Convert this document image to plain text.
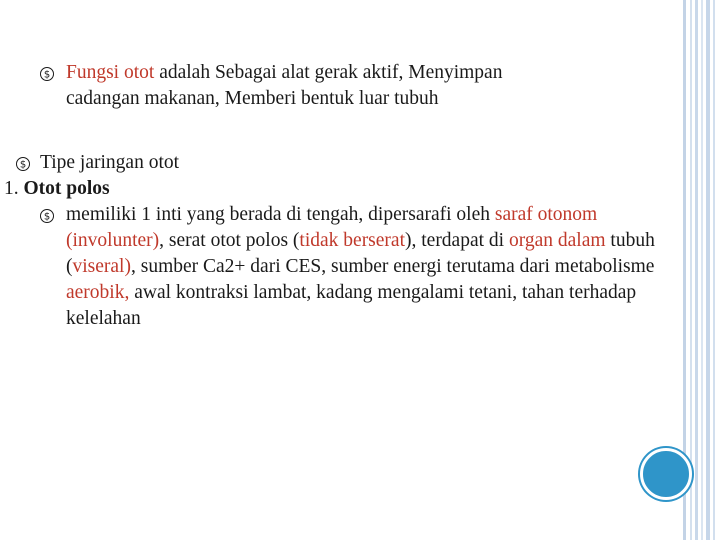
$ Fungsi otot adalah Sebagai alat gerak aktif, Menyimpan
cadangan makanan, Memberi bentuk luar tubuh
$ Tipe jaringan otot
1. Otot polos
$ memiliki 1 inti yang berada di tengah, dipersarafi oleh saraf otonom (involunter), serat otot polos (tidak berserat), terdapat di organ dalam tubuh (viseral), sumber Ca2+ dari CES, sumber energi terutama dari metabolisme aerobik, awal kontraksi lambat, kadang mengalami tetani, tahan terhadap kelelahan
